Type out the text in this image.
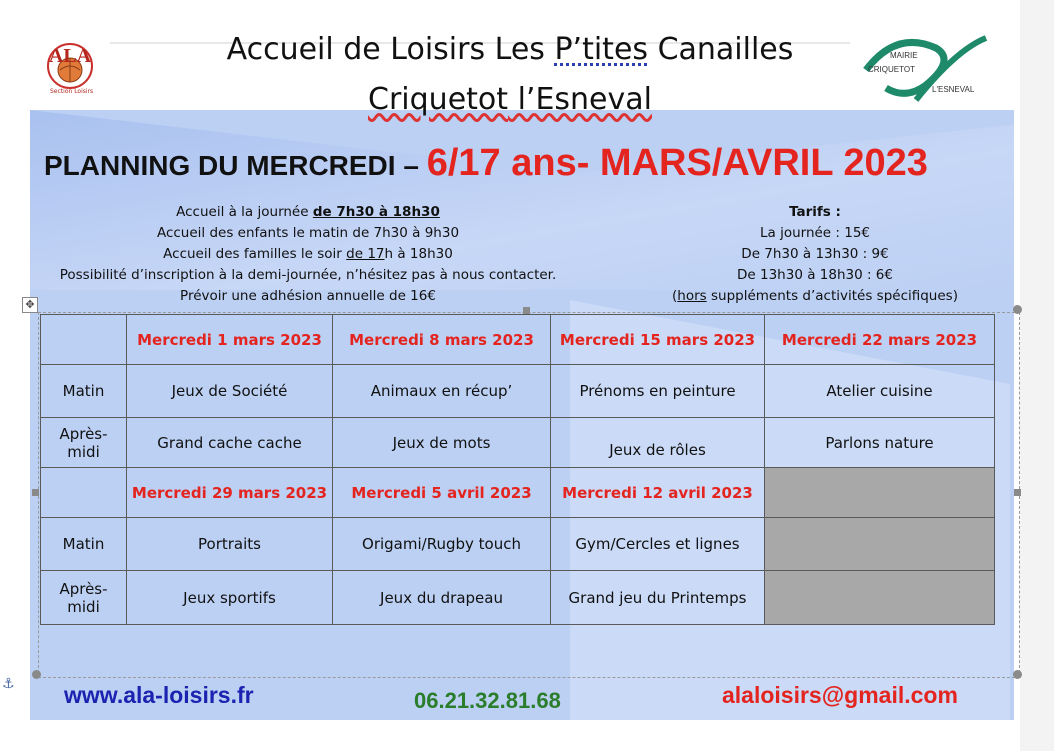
ALA
Section Loisirs
MAIRIE
CRIQUETOT
L'ESNEVAL
Accueil de Loisirs Les P’tites Canailles
Criquetot l’Esneval
PLANNING DU MERCREDI – 6/17 ans- MARS/AVRIL 2023
Accueil à la journée de 7h30 à 18h30
Accueil des enfants le matin de 7h30 à 9h30
Accueil des familles le soir de 17h à 18h30
Possibilité d’inscription à la demi-journée, n’hésitez pas à nous contacter.
Prévoir une adhésion annuelle de 16€
Tarifs :
La journée : 15€
De 7h30 à 13h30 : 9€
De 13h30 à 18h30 : 6€
(hors suppléments d’activités spécifiques)
✥
	Mercredi 1 mars 2023	Mercredi 8 mars 2023	Mercredi 15 mars 2023	Mercredi 22 mars 2023
Matin	Jeux de Société	Animaux en récup’	Prénoms en peinture	Atelier cuisine
Après-midi	Grand cache cache	Jeux de mots	Jeux de rôles	Parlons nature
	Mercredi 29 mars 2023	Mercredi 5 avril 2023	Mercredi 12 avril 2023	
Matin	Portraits	Origami/Rugby touch	Gym/Cercles et lignes	
Après-midi	Jeux sportifs	Jeux du drapeau	Grand jeu du Printemps	
⚓ www.ala-loisirs.fr	06.21.32.81.68	alaloisirs@gmail.com
